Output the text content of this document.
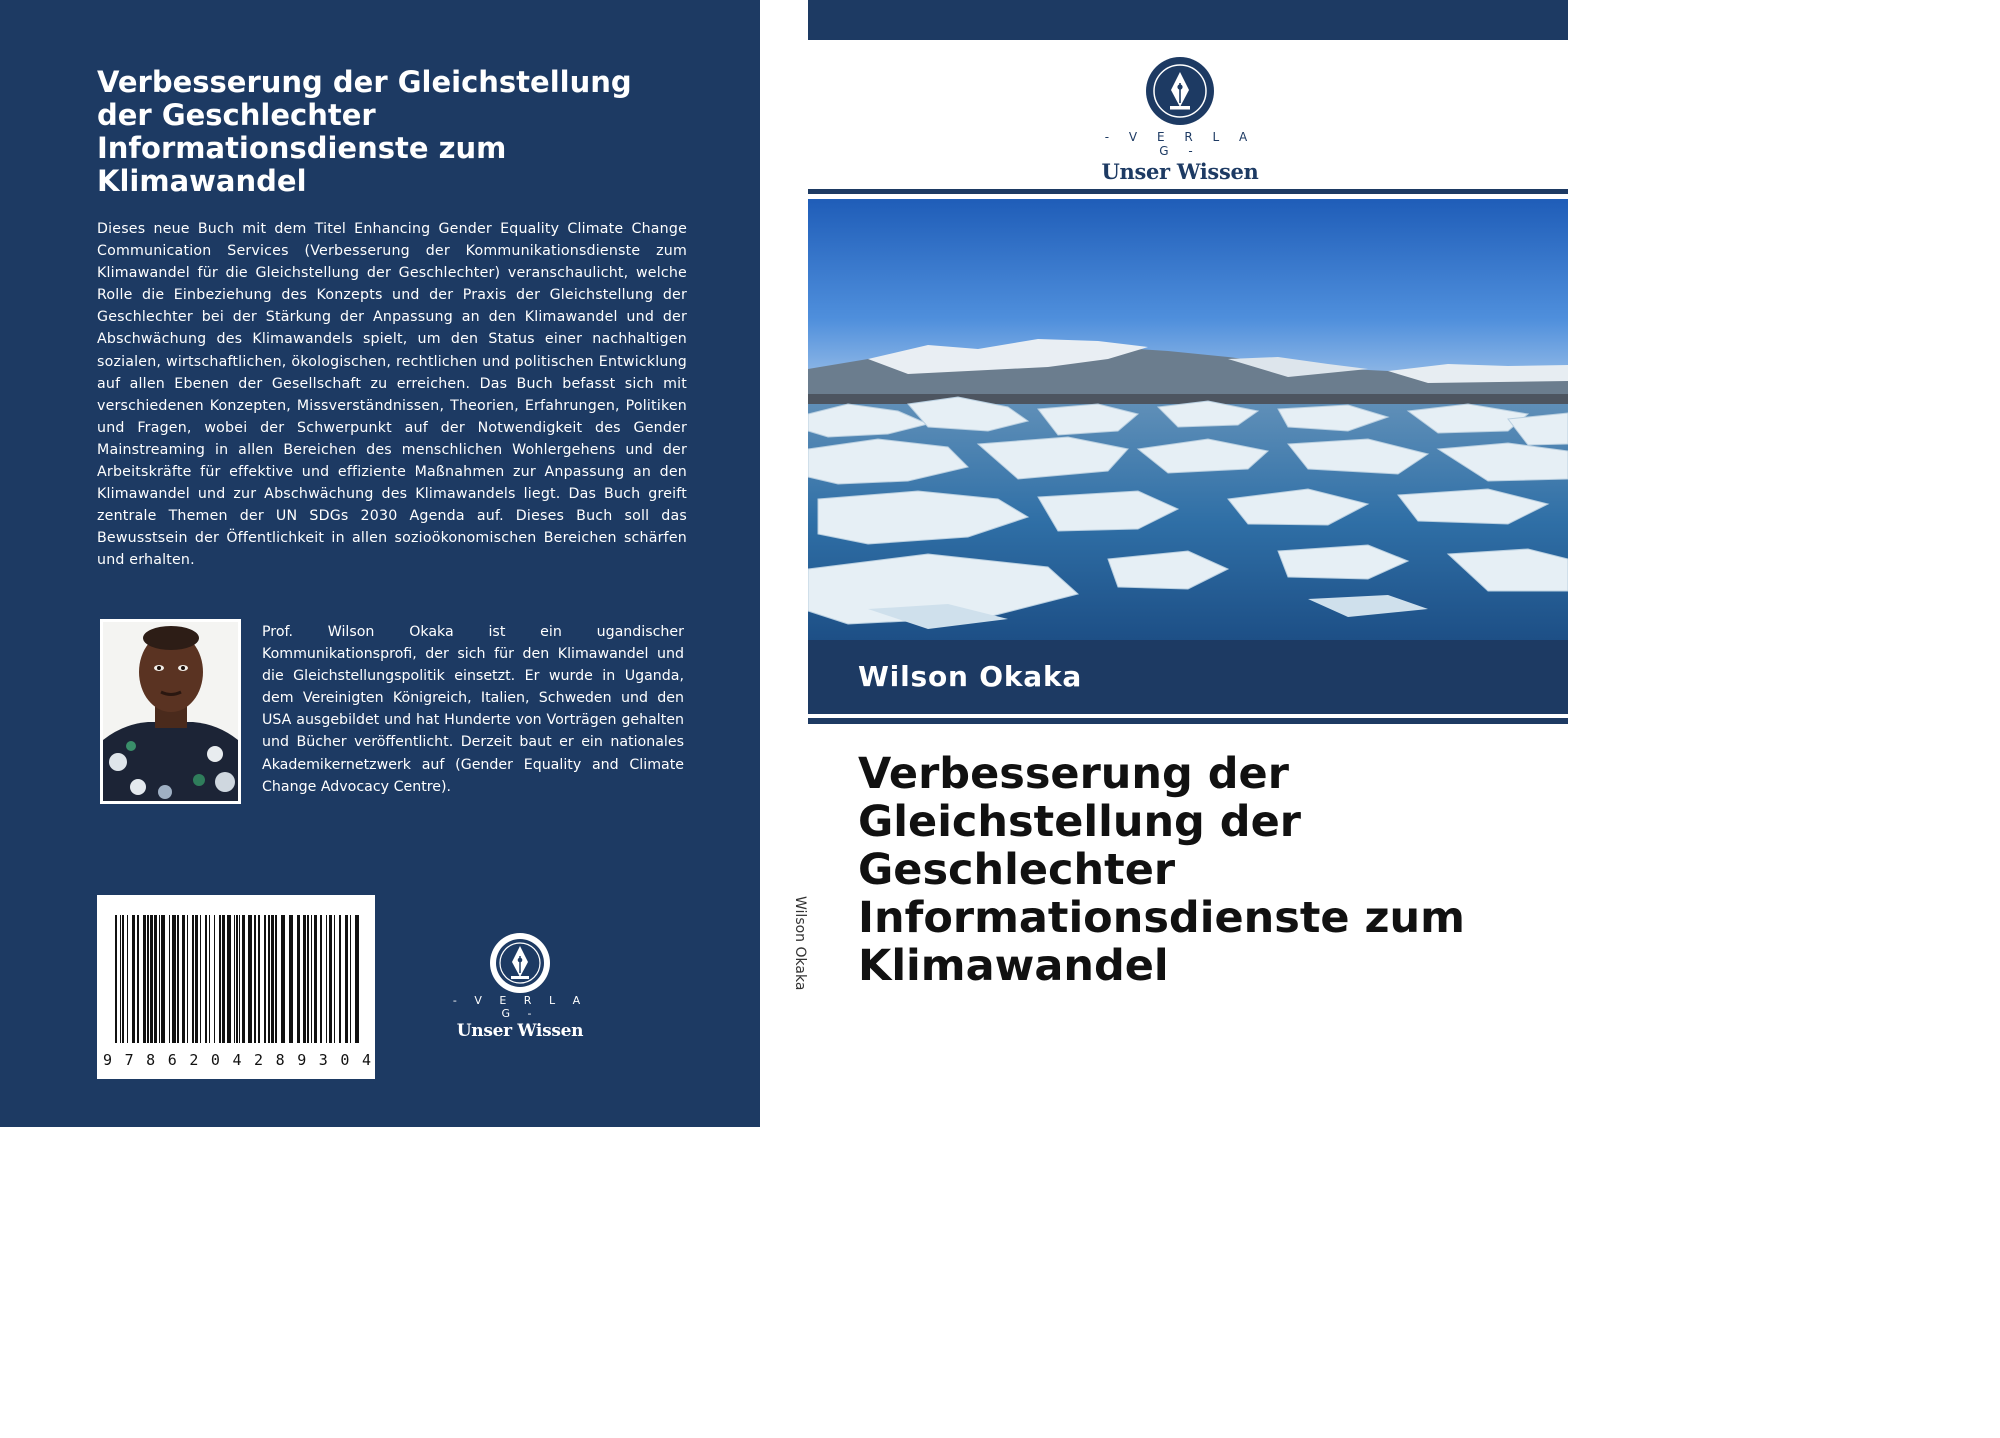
Verbesserung der Gleichstellung
der Geschlechter
Informationsdienste zum
Klimawandel

Dieses neue Buch mit dem Titel Enhancing Gender Equality Climate Change Communication Services (Verbesserung der Kommunikationsdienste zum Klimawandel für die Gleichstellung der Geschlechter) veranschaulicht, welche Rolle die Einbeziehung des Konzepts und der Praxis der Gleichstellung der Geschlechter bei der Stärkung der Anpassung an den Klimawandel und der Abschwächung des Klimawandels spielt, um den Status einer nachhaltigen sozialen, wirtschaftlichen, ökologischen, rechtlichen und politischen Entwicklung auf allen Ebenen der Gesellschaft zu erreichen. Das Buch befasst sich mit verschiedenen Konzepten, Missverständnissen, Theorien, Erfahrungen, Politiken und Fragen, wobei der Schwerpunkt auf der Notwendigkeit des Gender Mainstreaming in allen Bereichen des menschlichen Wohlergehens und der Arbeitskräfte für effektive und effiziente Maßnahmen zur Anpassung an den Klimawandel und zur Abschwächung des Klimawandels liegt. Das Buch greift zentrale Themen der UN SDGs 2030 Agenda auf. Dieses Buch soll das Bewusstsein der Öffentlichkeit in allen sozioökonomischen Bereichen schärfen und erhalten.

Prof. Wilson Okaka ist ein ugandischer Kommunikationsprofi, der sich für den Klimawandel und die Gleichstellungspolitik einsetzt. Er wurde in Uganda, dem Vereinigten Königreich, Italien, Schweden und den USA ausgebildet und hat Hunderte von Vorträgen gehalten und Bücher veröffentlicht. Derzeit baut er ein nationales Akademikernetzwerk auf (Gender Equality and Climate Change Advocacy Centre).

9 7 8 6 2 0 4 2 8 9 3 0 4
- V E R L A G -
Unser Wissen
Wilson Okaka
- V E R L A G -
Unser Wissen
Wilson Okaka
Verbesserung der
Gleichstellung der
Geschlechter
Informationsdienste zum
Klimawandel
